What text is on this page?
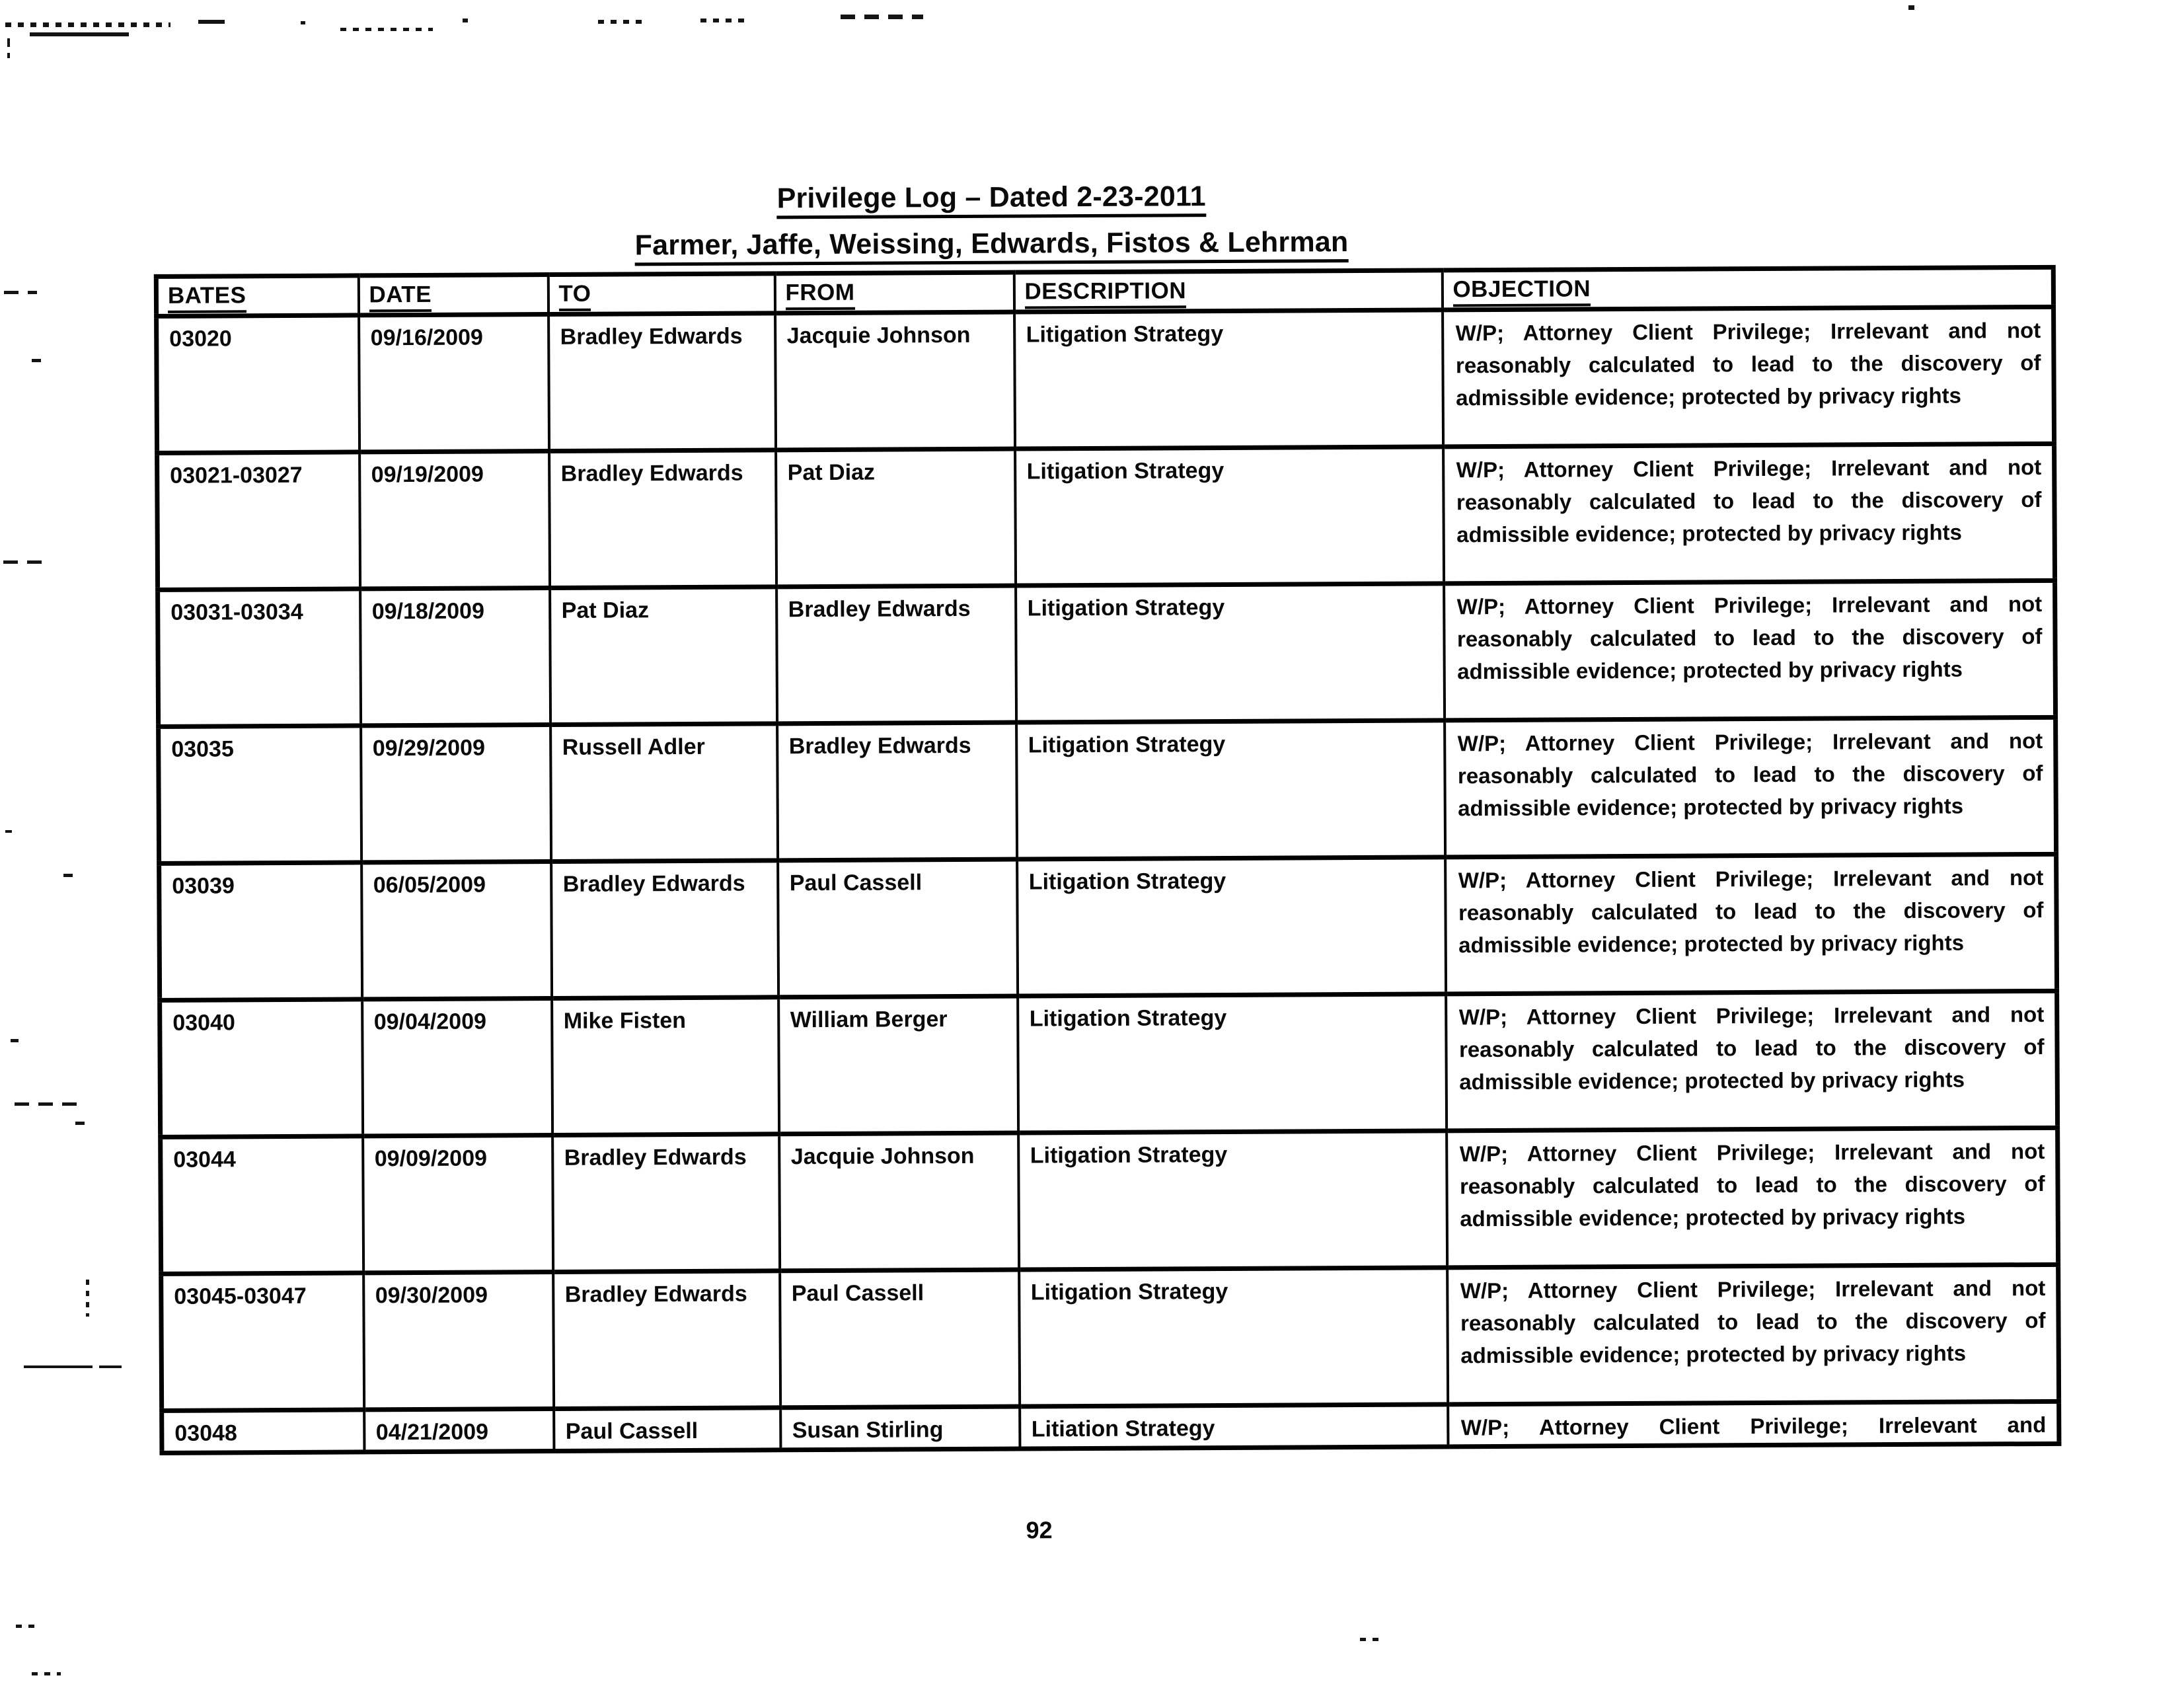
Privilege Log – Dated 2-23-2011
Farmer, Jaffe, Weissing, Edwards, Fistos & Lehrman
BATES	DATE	TO	FROM	DESCRIPTION	OBJECTION
03020	09/16/2009	Bradley Edwards	Jacquie Johnson	Litigation Strategy	W/P; Attorney Client Privilege; Irrelevant and not reasonably calculated to lead to the discovery of admissible evidence; protected by privacy rights
03021-03027	09/19/2009	Bradley Edwards	Pat Diaz	Litigation Strategy	W/P; Attorney Client Privilege; Irrelevant and not reasonably calculated to lead to the discovery of admissible evidence; protected by privacy rights
03031-03034	09/18/2009	Pat Diaz	Bradley Edwards	Litigation Strategy	W/P; Attorney Client Privilege; Irrelevant and not reasonably calculated to lead to the discovery of admissible evidence; protected by privacy rights
03035	09/29/2009	Russell Adler	Bradley Edwards	Litigation Strategy	W/P; Attorney Client Privilege; Irrelevant and not reasonably calculated to lead to the discovery of admissible evidence; protected by privacy rights
03039	06/05/2009	Bradley Edwards	Paul Cassell	Litigation Strategy	W/P; Attorney Client Privilege; Irrelevant and not reasonably calculated to lead to the discovery of admissible evidence; protected by privacy rights
03040	09/04/2009	Mike Fisten	William Berger	Litigation Strategy	W/P; Attorney Client Privilege; Irrelevant and not reasonably calculated to lead to the discovery of admissible evidence; protected by privacy rights
03044	09/09/2009	Bradley Edwards	Jacquie Johnson	Litigation Strategy	W/P; Attorney Client Privilege; Irrelevant and not reasonably calculated to lead to the discovery of admissible evidence; protected by privacy rights
03045-03047	09/30/2009	Bradley Edwards	Paul Cassell	Litigation Strategy	W/P; Attorney Client Privilege; Irrelevant and not reasonably calculated to lead to the discovery of admissible evidence; protected by privacy rights
03048	04/21/2009	Paul Cassell	Susan Stirling	Litiation Strategy	W/P; Attorney Client Privilege; Irrelevant and
92
